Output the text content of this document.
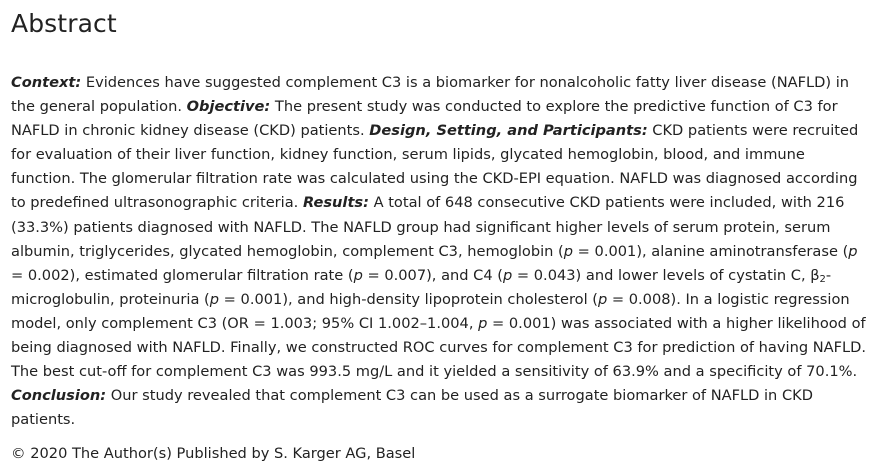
Abstract

Context: Evidences have suggested complement C3 is a biomarker for nonalcoholic fatty liver disease (NAFLD) in the general population. Objective: The present study was conducted to explore the predictive function of C3 for NAFLD in chronic kidney disease (CKD) patients. Design, Setting, and Participants: CKD patients were recruited for evaluation of their liver function, kidney function, serum lipids, glycated hemoglobin, blood, and immune function. The glomerular filtration rate was calculated using the CKD-EPI equation. NAFLD was diagnosed according to predefined ultrasonographic criteria. Results: A total of 648 consecutive CKD patients were included, with 216 (33.3%) patients diagnosed with NAFLD. The NAFLD group had significant higher levels of serum protein, serum albumin, triglycerides, glycated hemoglobin, complement C3, hemoglobin (p = 0.001), alanine aminotransferase (p = 0.002), estimated glomerular filtration rate (p = 0.007), and C4 (p = 0.043) and lower levels of cystatin C, $\beta_2$-microglobulin, proteinuria (p = 0.001), and high-density lipoprotein cholesterol (p = 0.008). In a logistic regression model, only complement C3 (OR = 1.003; 95% CI 1.002–1.004, p = 0.001) was associated with a higher likelihood of being diagnosed with NAFLD. Finally, we constructed ROC curves for complement C3 for prediction of having NAFLD. The best cut-off for complement C3 was 993.5 mg/L and it yielded a sensitivity of 63.9% and a specificity of 70.1%. Conclusion: Our study revealed that complement C3 can be used as a surrogate biomarker of NAFLD in CKD patients.

© 2020 The Author(s) Published by S. Karger AG, Basel
